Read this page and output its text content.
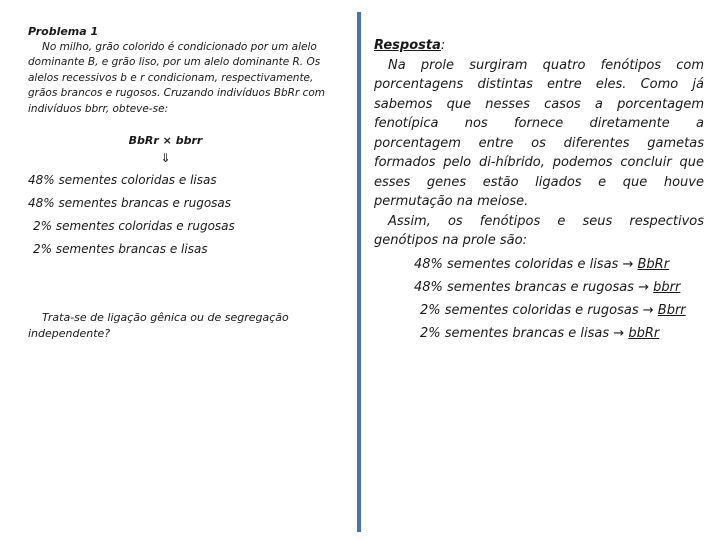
Problema 1
No milho, grão colorido é condicionado por um alelo dominante B, e grão liso, por um alelo dominante R. Os alelos recessivos b e r condicionam, respectivamente, grãos brancos e rugosos. Cruzando indivíduos BbRr com indivíduos bbrr, obteve-se:
BbRr × bbrr
⇓
48% sementes coloridas e lisas
48% sementes brancas e rugosas
2% sementes coloridas e rugosas
2% sementes brancas e lisas
Trata-se de ligação gênica ou de segregação independente?
Resposta:
Na prole surgiram quatro fenótipos com porcentagens distintas entre eles. Como já sabemos que nesses casos a porcentagem fenotípica nos fornece diretamente a porcentagem entre os diferentes gametas formados pelo di-híbrido, podemos concluir que esses genes estão ligados e que houve permutação na meiose.
Assim, os fenótipos e seus respectivos genótipos na prole são:
48% sementes coloridas e lisas → BbRr
48% sementes brancas e rugosas → bbrr
2% sementes coloridas e rugosas → Bbrr
2% sementes brancas e lisas → bbRr
